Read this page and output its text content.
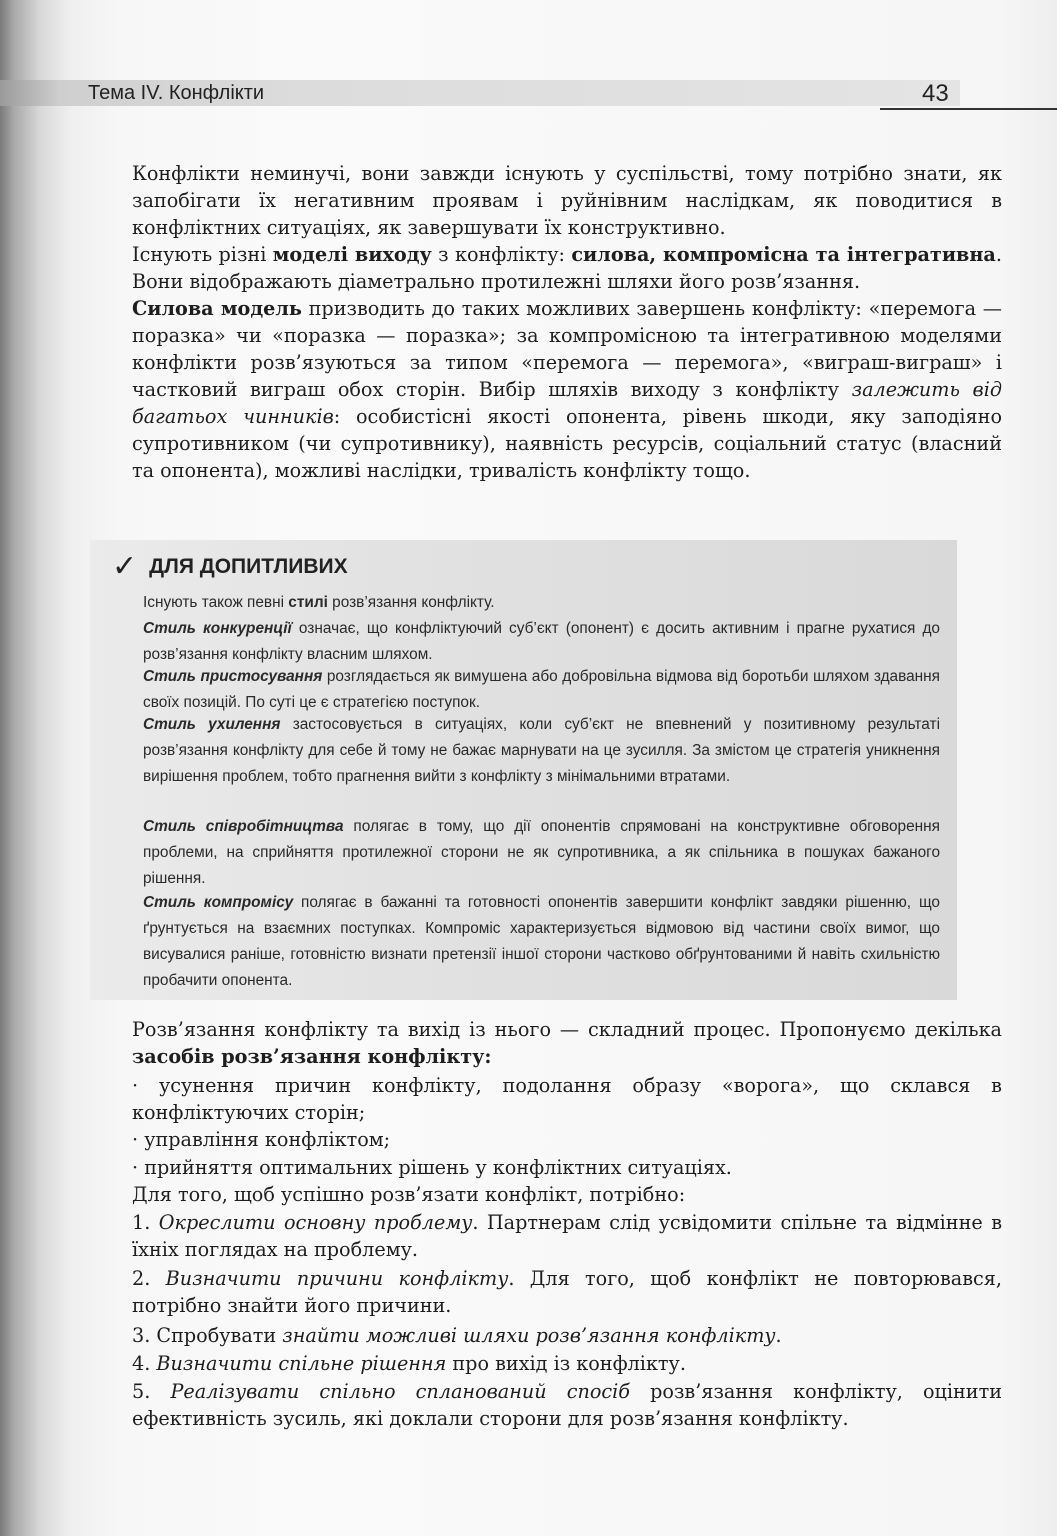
Тема IV. Конфлікти	43

Конфлікти неминучі, вони завжди існують у суспільстві, тому потрібно знати, як запобігати їх негативним проявам і руйнівним наслідкам, як поводитися в конфліктних ситуаціях, як завершувати їх конструктивно.

Існують різні моделі виходу з конфлікту: силова, компромісна та інтегративна. Вони відображають діаметрально протилежні шляхи його розв’язання.

Силова модель призводить до таких можливих завершень конфлікту: «перемога — поразка» чи «поразка — поразка»; за компромісною та інтегративною моделями конфлікти розв’язуються за типом «перемога — перемога», «виграш-виграш» і частковий виграш обох сторін. Вибір шляхів виходу з конфлікту залежить від багатьох чинників: особистісні якості опонента, рівень шкоди, яку заподіяно супротивником (чи супротивнику), наявність ресурсів, соціальний статус (власний та опонента), можливі наслідки, тривалість конфлікту тощо.

✓ ДЛЯ ДОПИТЛИВИХ

Існують також певні стилі розв’язання конфлікту.

Стиль конкуренції означає, що конфліктуючий суб’єкт (опонент) є досить активним і прагне рухатися до розв’язання конфлікту власним шляхом.

Стиль пристосування розглядається як вимушена або добровільна відмова від боротьби шляхом здавання своїх позицій. По суті це є стратегією поступок.

Стиль ухилення застосовується в ситуаціях, коли суб’єкт не впевнений у позитивному результаті розв’язання конфлікту для себе й тому не бажає марнувати на це зусилля. За змістом це стратегія уникнення вирішення проблем, тобто прагнення вийти з конфлікту з мінімальними втратами.

Стиль співробітництва полягає в тому, що дії опонентів спрямовані на конструктивне обговорення проблеми, на сприйняття протилежної сторони не як супротивника, а як спільника в пошуках бажаного рішення.

Стиль компромісу полягає в бажанні та готовності опонентів завершити конфлікт завдяки рішенню, що ґрунтується на взаємних поступках. Компроміс характеризується відмовою від частини своїх вимог, що висувалися раніше, готовністю визнати претензії іншої сторони частково обґрунтованими й навіть схильністю пробачити опонента.

Розв’язання конфлікту та вихід із нього — складний процес. Пропонуємо декілька засобів розв’язання конфлікту:

· усунення причин конфлікту, подолання образу «ворога», що склався в конфліктуючих сторін;

· управління конфліктом;

· прийняття оптимальних рішень у конфліктних ситуаціях.

Для того, щоб успішно розв’язати конфлікт, потрібно:

1. Окреслити основну проблему. Партнерам слід усвідомити спільне та відмінне в їхніх поглядах на проблему.

2. Визначити причини конфлікту. Для того, щоб конфлікт не повторювався, потрібно знайти його причини.

3. Спробувати знайти можливі шляхи розв’язання конфлікту.

4. Визначити спільне рішення про вихід із конфлікту.

5. Реалізувати спільно спланований спосіб розв’язання конфлікту, оцінити ефективність зусиль, які доклали сторони для розв’язання конфлікту.
